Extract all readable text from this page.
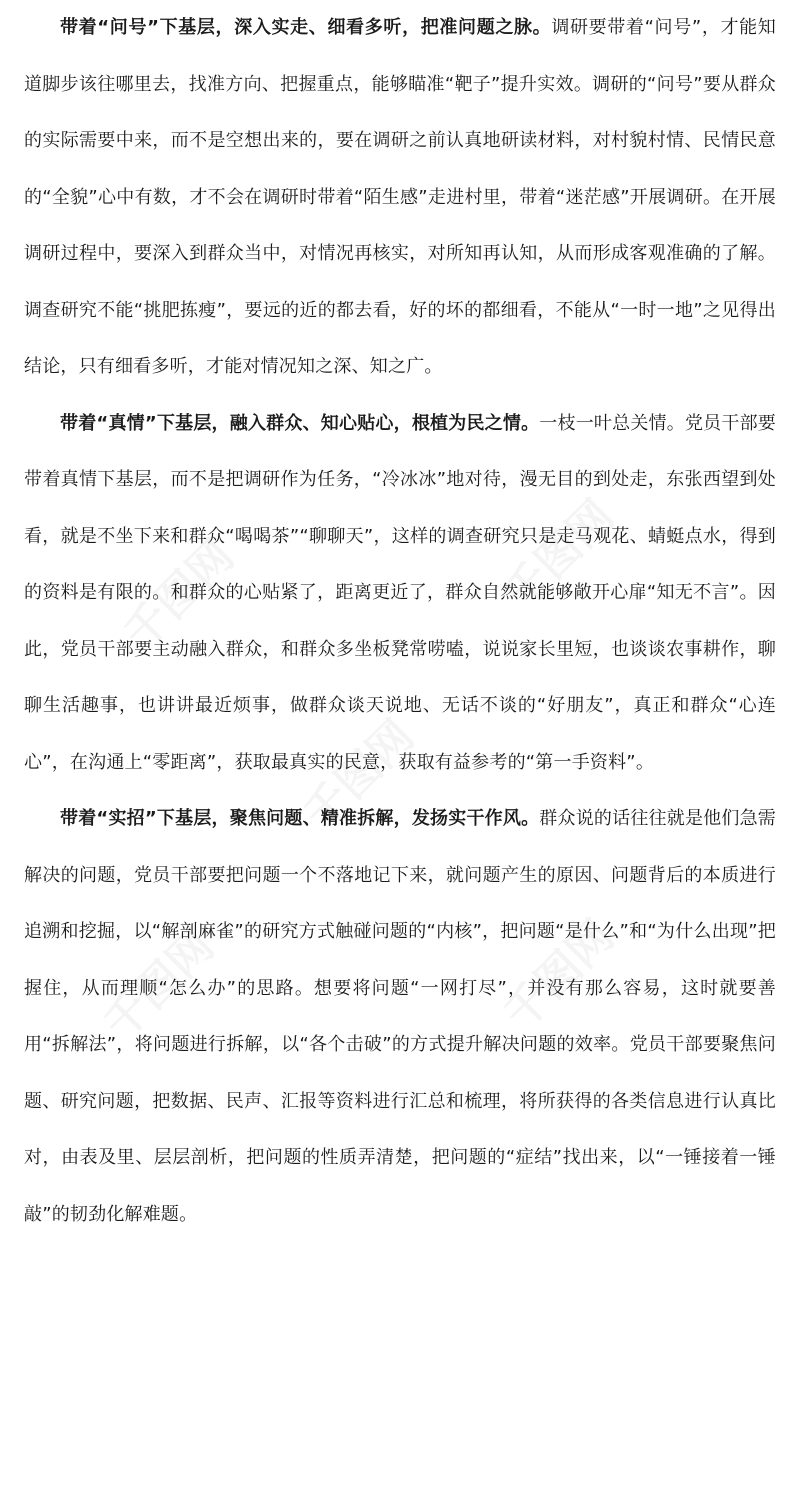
带着“问号”下基层，深入实走、细看多听，把准问题之脉。调研要带着“问号”，才能知道脚步该往哪里去，找准方向、把握重点，能够瞄准“靶子”提升实效。调研的“问号”要从群众的实际需要中来，而不是空想出来的，要在调研之前认真地研读材料，对村貌村情、民情民意的“全貌”心中有数，才不会在调研时带着“陌生感”走进村里，带着“迷茫感”开展调研。在开展调研过程中，要深入到群众当中，对情况再核实，对所知再认知，从而形成客观准确的了解。调查研究不能“挑肥拣瘦”，要远的近的都去看，好的坏的都细看，不能从“一时一地”之见得出结论，只有细看多听，才能对情况知之深、知之广。

带着“真情”下基层，融入群众、知心贴心，根植为民之情。一枝一叶总关情。党员干部要带着真情下基层，而不是把调研作为任务，“冷冰冰”地对待，漫无目的到处走，东张西望到处看，就是不坐下来和群众“喝喝茶”“聊聊天”，这样的调查研究只是走马观花、蜻蜓点水，得到的资料是有限的。和群众的心贴紧了，距离更近了，群众自然就能够敞开心扉“知无不言”。因此，党员干部要主动融入群众，和群众多坐板凳常唠嗑，说说家长里短，也谈谈农事耕作，聊聊生活趣事，也讲讲最近烦事，做群众谈天说地、无话不谈的“好朋友”，真正和群众“心连心”，在沟通上“零距离”，获取最真实的民意，获取有益参考的“第一手资料”。

带着“实招”下基层，聚焦问题、精准拆解，发扬实干作风。群众说的话往往就是他们急需解决的问题，党员干部要把问题一个不落地记下来，就问题产生的原因、问题背后的本质进行追溯和挖掘，以“解剖麻雀”的研究方式触碰问题的“内核”，把问题“是什么”和“为什么出现”把握住，从而理顺“怎么办”的思路。想要将问题“一网打尽”，并没有那么容易，这时就要善用“拆解法”，将问题进行拆解，以“各个击破”的方式提升解决问题的效率。党员干部要聚焦问题、研究问题，把数据、民声、汇报等资料进行汇总和梳理，将所获得的各类信息进行认真比对，由表及里、层层剖析，把问题的性质弄清楚，把问题的“症结”找出来，以“一锤接着一锤敲”的韧劲化解难题。
